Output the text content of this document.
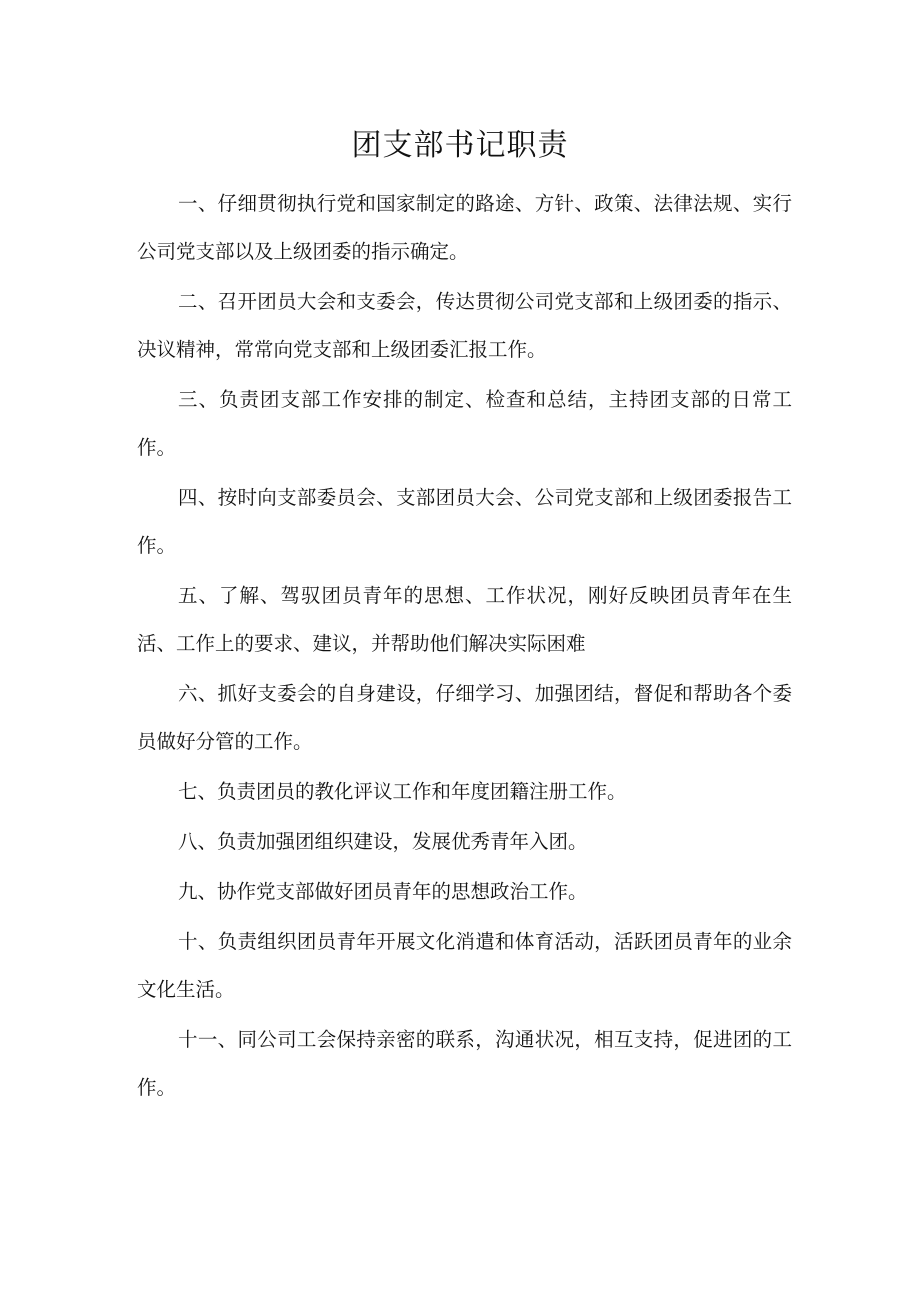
团支部书记职责

一、仔细贯彻执行党和国家制定的路途、方针、政策、法律法规、实行公司党支部以及上级团委的指示确定。

二、召开团员大会和支委会，传达贯彻公司党支部和上级团委的指示、决议精神，常常向党支部和上级团委汇报工作。

三、负责团支部工作安排的制定、检查和总结，主持团支部的日常工作。

四、按时向支部委员会、支部团员大会、公司党支部和上级团委报告工作。

五、了解、驾驭团员青年的思想、工作状况，刚好反映团员青年在生活、工作上的要求、建议，并帮助他们解决实际困难

六、抓好支委会的自身建设，仔细学习、加强团结，督促和帮助各个委员做好分管的工作。

七、负责团员的教化评议工作和年度团籍注册工作。

八、负责加强团组织建设，发展优秀青年入团。

九、协作党支部做好团员青年的思想政治工作。

十、负责组织团员青年开展文化消遣和体育活动，活跃团员青年的业余文化生活。

十一、同公司工会保持亲密的联系，沟通状况，相互支持，促进团的工作。
